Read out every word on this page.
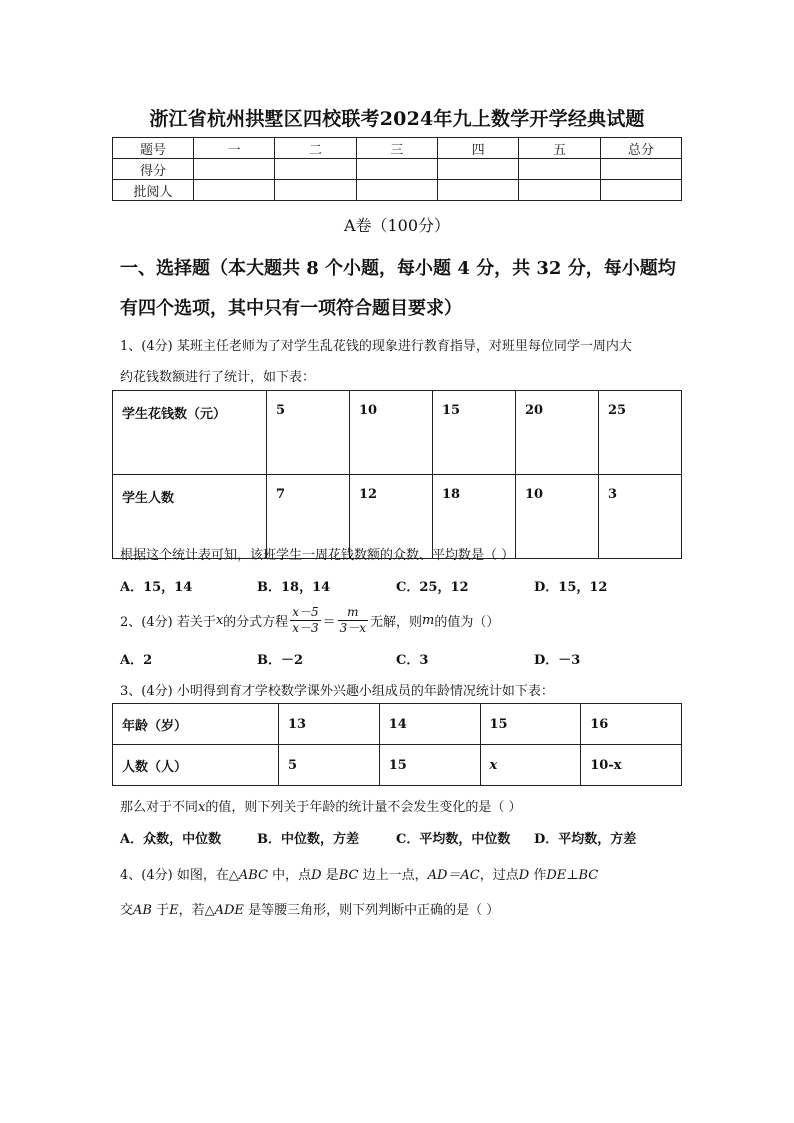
浙江省杭州拱墅区四校联考2024年九上数学开学经典试题
题号	一	二	三	四	五	总分
得分						
批阅人						
A卷（100分）
一、选择题（本大题共 8 个小题，每小题 4 分，共 32 分，每小题均
有四个选项，其中只有一项符合题目要求）
1、(4分) 某班主任老师为了对学生乱花钱的现象进行教育指导，对班里每位同学一周内大
约花钱数额进行了统计，如下表：
学生花钱数（元）	5	10	15	20	25
学生人数	7	12	18	10	3
根据这个统计表可知，该班学生一周花钱数额的众数、平均数是（ ）
A．15，14	B．18，14	C．25，12	D．15，12
2、(4分) 若关于 x 的分式方程 $\frac{x-5}{x-3} = \frac{m}{3-x}$ 无解，则 m 的值为（）
A．2	B．－2	C．3	D．－3
3、(4分) 小明得到育才学校数学课外兴趣小组成员的年龄情况统计如下表：
年龄（岁）	13	14	15	16
人数（人）	5	15	x	10-x
那么对于不同x的值，则下列关于年龄的统计量不会发生变化的是（ ）
A．众数，中位数	B．中位数，方差	C．平均数，中位数 D．平均数，方差
4、(4分) 如图，在△ABC 中，点D 是BC 边上一点，AD＝AC，过点D 作DE⊥BC
交AB 于E，若△ADE 是等腰三角形，则下列判断中正确的是（ ）
